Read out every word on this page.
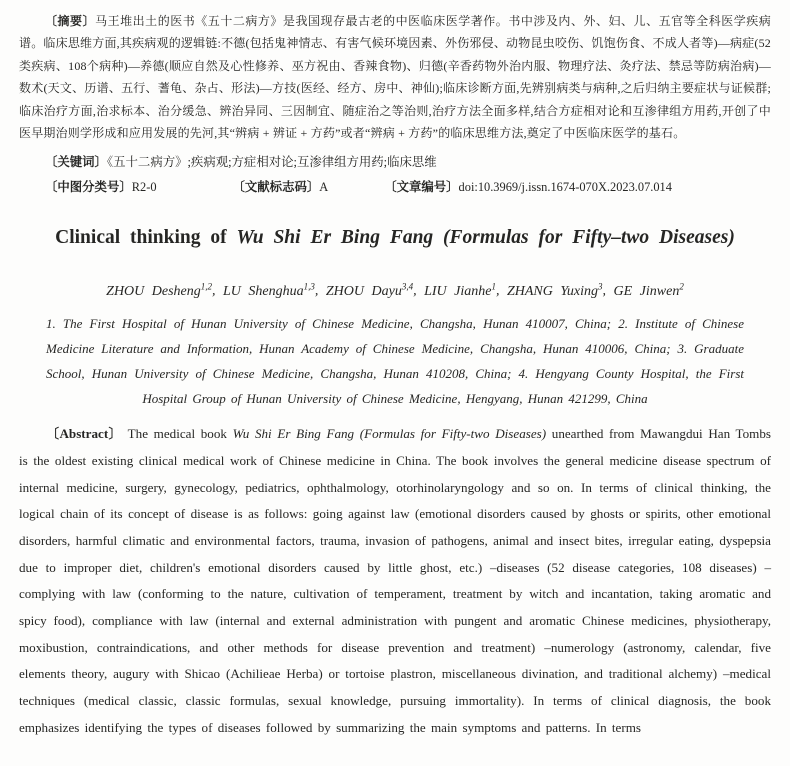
〔摘要〕马王堆出土的医书《五十二病方》是我国现存最古老的中医临床医学著作。书中涉及内、外、妇、儿、五官等全科医学疾病谱。临床思维方面,其疾病观的逻辑链:不德(包括鬼神情志、有害气候环境因素、外伤邪侵、动物昆虫咬伤、饥饱伤食、不成人者等)—病症(52类疾病、108个病种)—养德(顺应自然及心性修养、巫方祝由、香辣食物)、归德(辛香药物外治内服、物理疗法、灸疗法、禁忌等防病治病)—数术(天文、历谱、五行、蓍龟、杂占、形法)—方技(医经、经方、房中、神仙);临床诊断方面,先辨别病类与病种,之后归纳主要症状与证候群;临床治疗方面,治求标本、治分缓急、辨治异同、三因制宜、随症治之等治则,治疗方法全面多样,结合方症相对论和互渗律组方用药,开创了中医早期治则学形成和应用发展的先河,其“辨病 + 辨证 + 方药”或者“辨病 + 方药”的临床思维方法,奠定了中医临床医学的基石。

〔关键词〕《五十二病方》;疾病观;方症相对论;互渗律组方用药;临床思维

〔中图分类号〕R2-0	〔文献标志码〕A	〔文章编号〕doi:10.3969/j.issn.1674-070X.2023.07.014

Clinical thinking of Wu Shi Er Bing Fang (Formulas for Fifty–two Diseases)

ZHOU Desheng$^{1,2}$, LU Shenghua$^{1,3}$, ZHOU Dayu$^{3,4}$, LIU Jianhe$^1$, ZHANG Yuxing$^3$, GE Jinwen$^2$

1. The First Hospital of Hunan University of Chinese Medicine, Changsha, Hunan 410007, China; 2. Institute of Chinese Medicine Literature and Information, Hunan Academy of Chinese Medicine, Changsha, Hunan 410006, China; 3. Graduate School, Hunan University of Chinese Medicine, Changsha, Hunan 410208, China; 4. Hengyang County Hospital, the First Hospital Group of Hunan University of Chinese Medicine, Hengyang, Hunan 421299, China

〔Abstract〕 The medical book Wu Shi Er Bing Fang (Formulas for Fifty-two Diseases) unearthed from Mawangdui Han Tombs is the oldest existing clinical medical work of Chinese medicine in China. The book involves the general medicine disease spectrum of internal medicine, surgery, gynecology, pediatrics, ophthalmology, otorhinolaryngology and so on. In terms of clinical thinking, the logical chain of its concept of disease is as follows: going against law (emotional disorders caused by ghosts or spirits, other emotional disorders, harmful climatic and environmental factors, trauma, invasion of pathogens, animal and insect bites, irregular eating, dyspepsia due to improper diet, children's emotional disorders caused by little ghost, etc.) –diseases (52 disease categories, 108 diseases) –complying with law (conforming to the nature, cultivation of temperament, treatment by witch and incantation, taking aromatic and spicy food), compliance with law (internal and external administration with pungent and aromatic Chinese medicines, physiotherapy, moxibustion, contraindications, and other methods for disease prevention and treatment) –numerology (astronomy, calendar, five elements theory, augury with Shicao (Achilieae Herba) or tortoise plastron, miscellaneous divination, and traditional alchemy) –medical techniques (medical classic, classic formulas, sexual knowledge, pursuing immortality). In terms of clinical diagnosis, the book emphasizes identifying the types of diseases followed by summarizing the main symptoms and patterns. In terms
